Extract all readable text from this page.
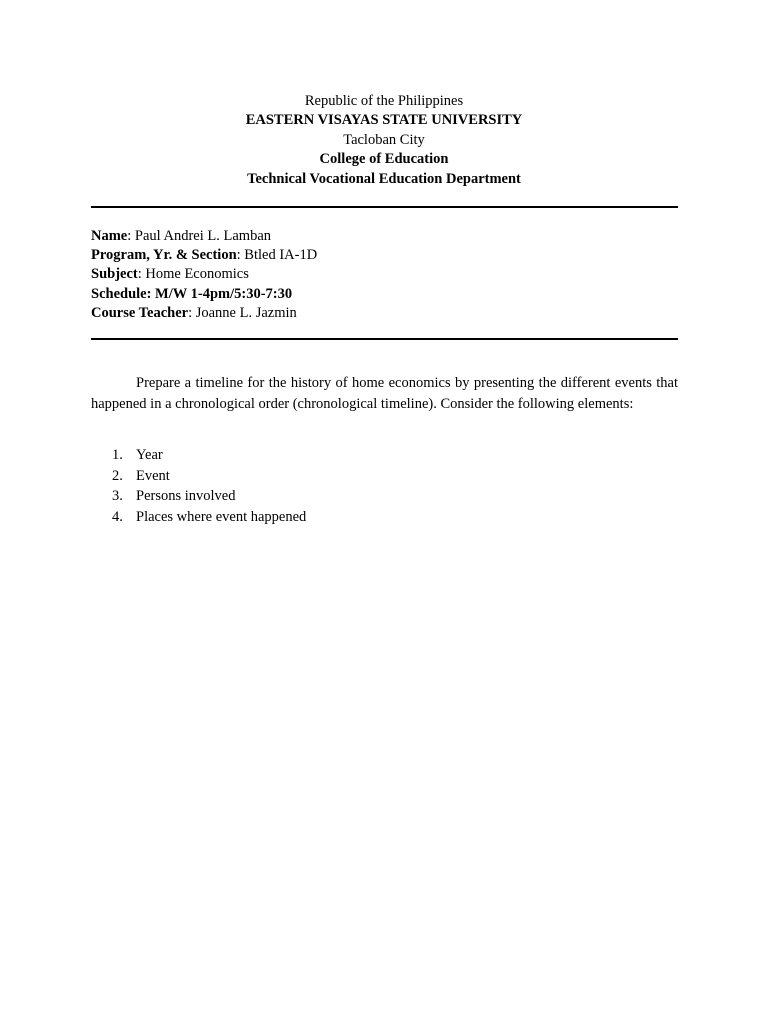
Republic of the Philippines
EASTERN VISAYAS STATE UNIVERSITY
Tacloban City
College of Education
Technical Vocational Education Department
Name: Paul Andrei L. Lamban
Program, Yr. & Section: Btled IA-1D
Subject: Home Economics
Schedule: M/W 1-4pm/5:30-7:30
Course Teacher: Joanne L. Jazmin
Prepare a timeline for the history of home economics by presenting the different events that happened in a chronological order (chronological timeline). Consider the following elements:
1. Year
2. Event
3. Persons involved
4. Places where event happened
